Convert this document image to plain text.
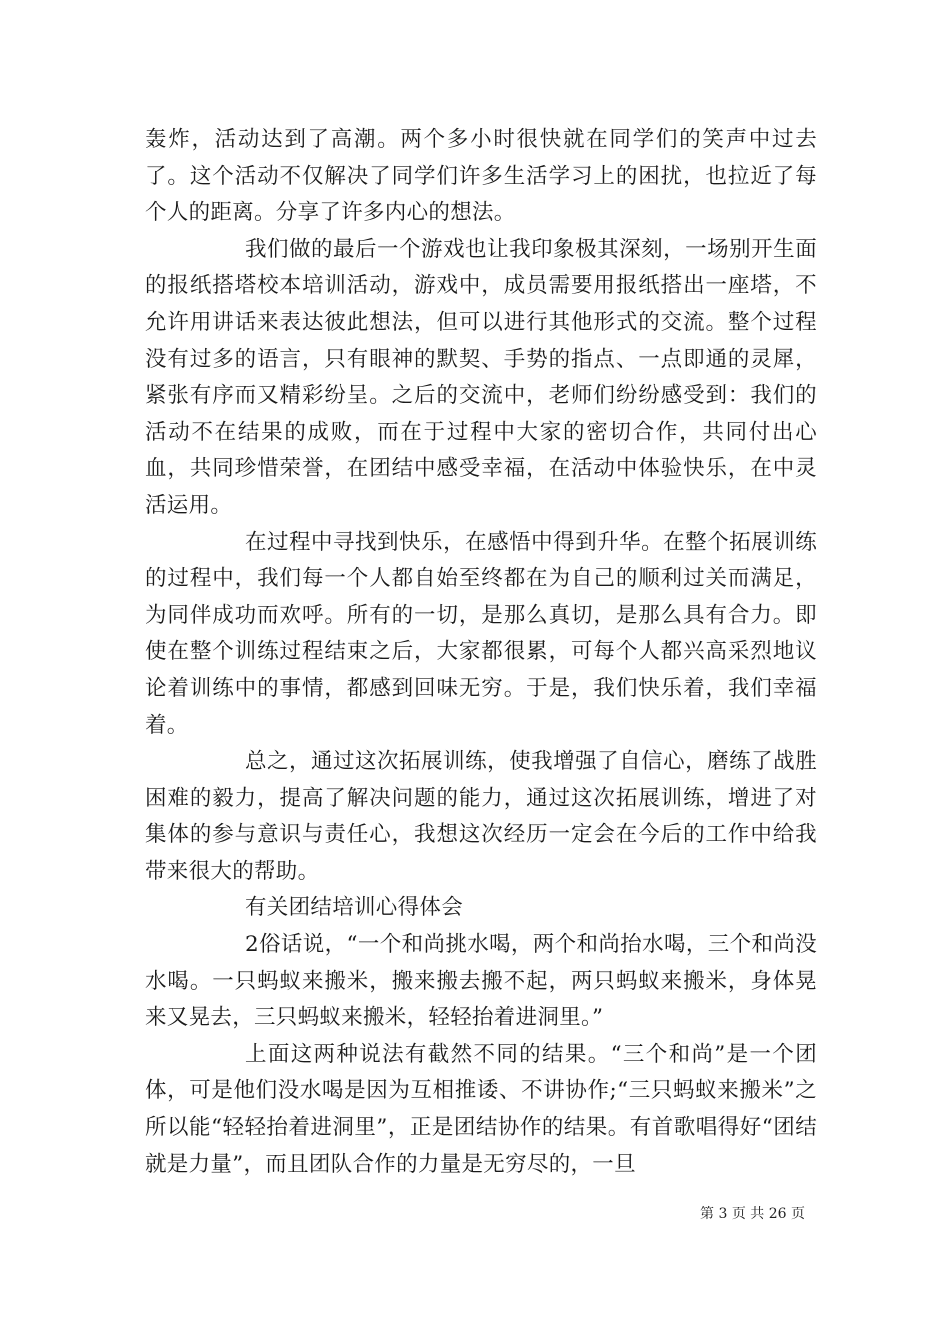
轰炸，活动达到了高潮。两个多小时很快就在同学们的笑声中过去了。这个活动不仅解决了同学们许多生活学习上的困扰，也拉近了每个人的距离。分享了许多内心的想法。

我们做的最后一个游戏也让我印象极其深刻，一场别开生面的报纸搭塔校本培训活动，游戏中，成员需要用报纸搭出一座塔，不允许用讲话来表达彼此想法，但可以进行其他形式的交流。整个过程没有过多的语言，只有眼神的默契、手势的指点、一点即通的灵犀，紧张有序而又精彩纷呈。之后的交流中，老师们纷纷感受到：我们的活动不在结果的成败，而在于过程中大家的密切合作，共同付出心血，共同珍惜荣誉，在团结中感受幸福，在活动中体验快乐，在中灵活运用。

在过程中寻找到快乐，在感悟中得到升华。在整个拓展训练的过程中，我们每一个人都自始至终都在为自己的顺利过关而满足，为同伴成功而欢呼。所有的一切，是那么真切，是那么具有合力。即使在整个训练过程结束之后，大家都很累，可每个人都兴高采烈地议论着训练中的事情，都感到回味无穷。于是，我们快乐着，我们幸福着。

总之，通过这次拓展训练，使我增强了自信心，磨练了战胜困难的毅力，提高了解决问题的能力，通过这次拓展训练，增进了对集体的参与意识与责任心，我想这次经历一定会在今后的工作中给我带来很大的帮助。

有关团结培训心得体会

2俗话说，“一个和尚挑水喝，两个和尚抬水喝，三个和尚没水喝。一只蚂蚁来搬米，搬来搬去搬不起，两只蚂蚁来搬米，身体晃来又晃去，三只蚂蚁来搬米，轻轻抬着进洞里。”

上面这两种说法有截然不同的结果。“三个和尚”是一个团体，可是他们没水喝是因为互相推诿、不讲协作;“三只蚂蚁来搬米”之所以能“轻轻抬着进洞里”，正是团结协作的结果。有首歌唱得好“团结就是力量”，而且团队合作的力量是无穷尽的，一旦

第 3 页 共 26 页
